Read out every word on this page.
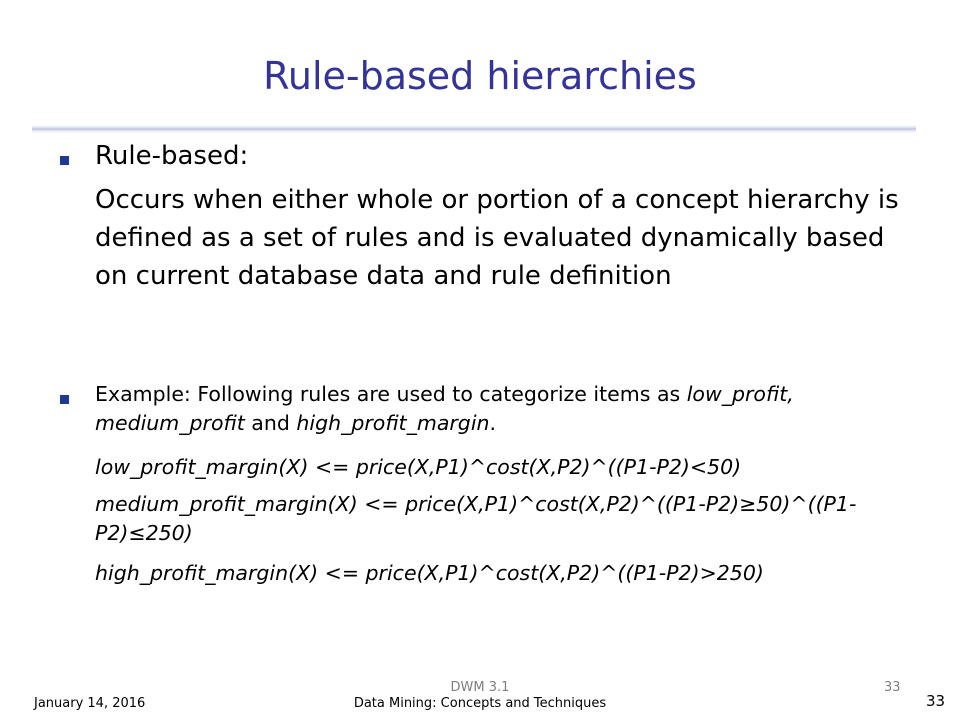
Rule-based hierarchies
Rule-based:
Occurs when either whole or portion of a concept hierarchy is defined as a set of rules and is evaluated dynamically based on current database data and rule definition
Example: Following rules are used to categorize items as low_profit, medium_profit and high_profit_margin.
low_profit_margin(X) <= price(X,P1)^cost(X,P2)^((P1-P2)<50)
medium_profit_margin(X) <= price(X,P1)^cost(X,P2)^((P1-P2)≥50)^((P1-P2)≤250)
high_profit_margin(X) <= price(X,P1)^cost(X,P2)^((P1-P2)>250)
January 14, 2016
DWM 3.1
Data Mining: Concepts and Techniques
33
33
